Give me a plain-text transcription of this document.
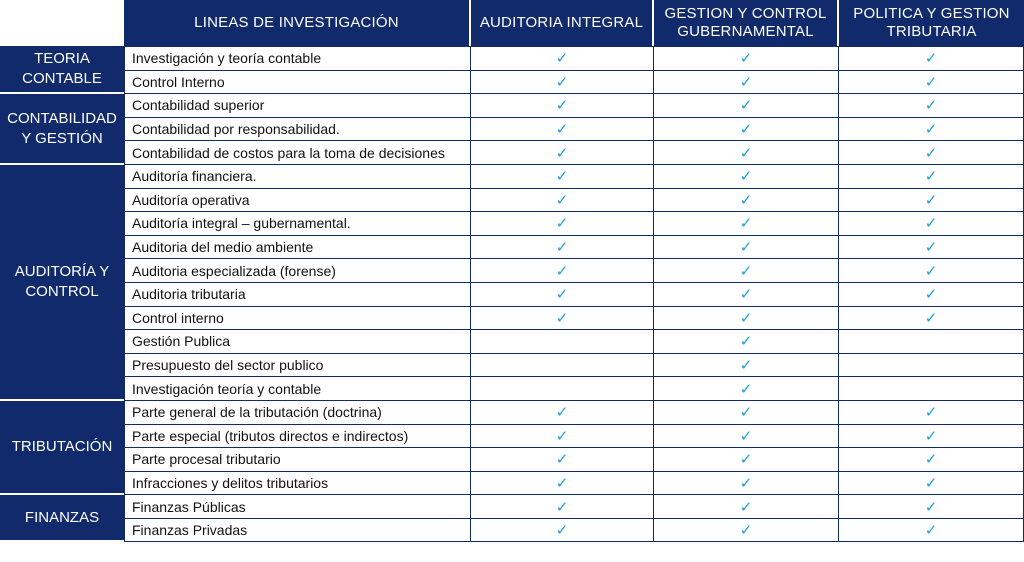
	LINEAS DE INVESTIGACIÓN	AUDITORIA INTEGRAL	GESTION Y CONTROL GUBERNAMENTAL	POLITICA Y GESTION TRIBUTARIA
TEORIA CONTABLE	Investigación y teoría contable	✓	✓	✓
	Control Interno	✓	✓	✓
CONTABILIDAD Y GESTIÓN	Contabilidad superior	✓	✓	✓
	Contabilidad por responsabilidad.	✓	✓	✓
	Contabilidad de costos para la toma de decisiones	✓	✓	✓
AUDITORÍA Y CONTROL	Auditoría financiera.	✓	✓	✓
	Auditoría operativa	✓	✓	✓
	Auditoría integral – gubernamental.	✓	✓	✓
	Auditoria del medio ambiente	✓	✓	✓
	Auditoria especializada (forense)	✓	✓	✓
	Auditoria tributaria	✓	✓	✓
	Control interno	✓	✓	✓
	Gestión Publica		✓	
	Presupuesto del sector publico		✓	
	Investigación teoría y contable		✓	
TRIBUTACIÓN	Parte general de la tributación (doctrina)	✓	✓	✓
	Parte especial (tributos directos e indirectos)	✓	✓	✓
	Parte procesal tributario	✓	✓	✓
	Infracciones y delitos tributarios	✓	✓	✓
FINANZAS	Finanzas Públicas	✓	✓	✓
	Finanzas Privadas	✓	✓	✓
